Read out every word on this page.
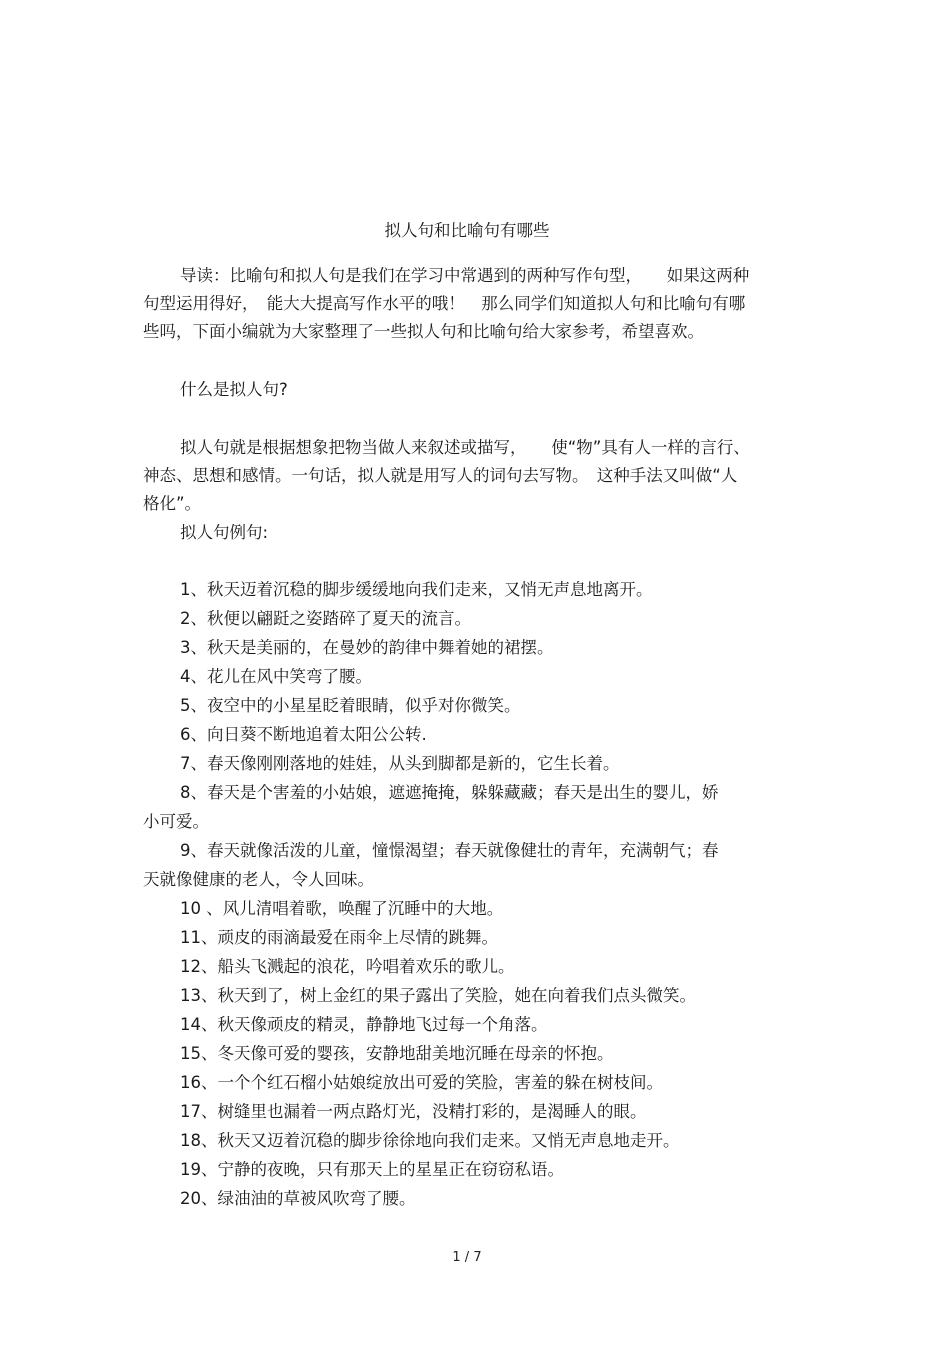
拟人句和比喻句有哪些
导读：比喻句和拟人句是我们在学习中常遇到的两种写作句型，　　如果这两种
句型运用得好，　能大大提高写作水平的哦！　那么同学们知道拟人句和比喻句有哪
些吗，下面小编就为大家整理了一些拟人句和比喻句给大家参考，希望喜欢。
什么是拟人句?
拟人句就是根据想象把物当做人来叙述或描写，　　使“物”具有人一样的言行、
神态、思想和感情。一句话，拟人就是用写人的词句去写物。　这种手法又叫做“人
格化”。
拟人句例句:
1、秋天迈着沉稳的脚步缓缓地向我们走来，又悄无声息地离开。
2、秋便以翩跹之姿踏碎了夏天的流言。
3、秋天是美丽的，在曼妙的韵律中舞着她的裙摆。
4、花儿在风中笑弯了腰。
5、夜空中的小星星眨着眼睛，似乎对你微笑。
6、向日葵不断地追着太阳公公转.
7、春天像刚刚落地的娃娃，从头到脚都是新的，它生长着。
8、春天是个害羞的小姑娘，遮遮掩掩，躲躲藏藏；春天是出生的婴儿，娇
小可爱。
9、春天就像活泼的儿童，憧憬渴望；春天就像健壮的青年，充满朝气；春
天就像健康的老人，令人回味。
10 、风儿清唱着歌，唤醒了沉睡中的大地。
11、顽皮的雨滴最爱在雨伞上尽情的跳舞。
12、船头飞溅起的浪花，吟唱着欢乐的歌儿。
13、秋天到了，树上金红的果子露出了笑脸，她在向着我们点头微笑。
14、秋天像顽皮的精灵，静静地飞过每一个角落。
15、冬天像可爱的婴孩，安静地甜美地沉睡在母亲的怀抱。
16、一个个红石榴小姑娘绽放出可爱的笑脸，害羞的躲在树枝间。
17、树缝里也漏着一两点路灯光，没精打彩的，是渴睡人的眼。
18、秋天又迈着沉稳的脚步徐徐地向我们走来。又悄无声息地走开。
19、宁静的夜晚，只有那天上的星星正在窃窃私语。
20、绿油油的草被风吹弯了腰。
1 / 7
